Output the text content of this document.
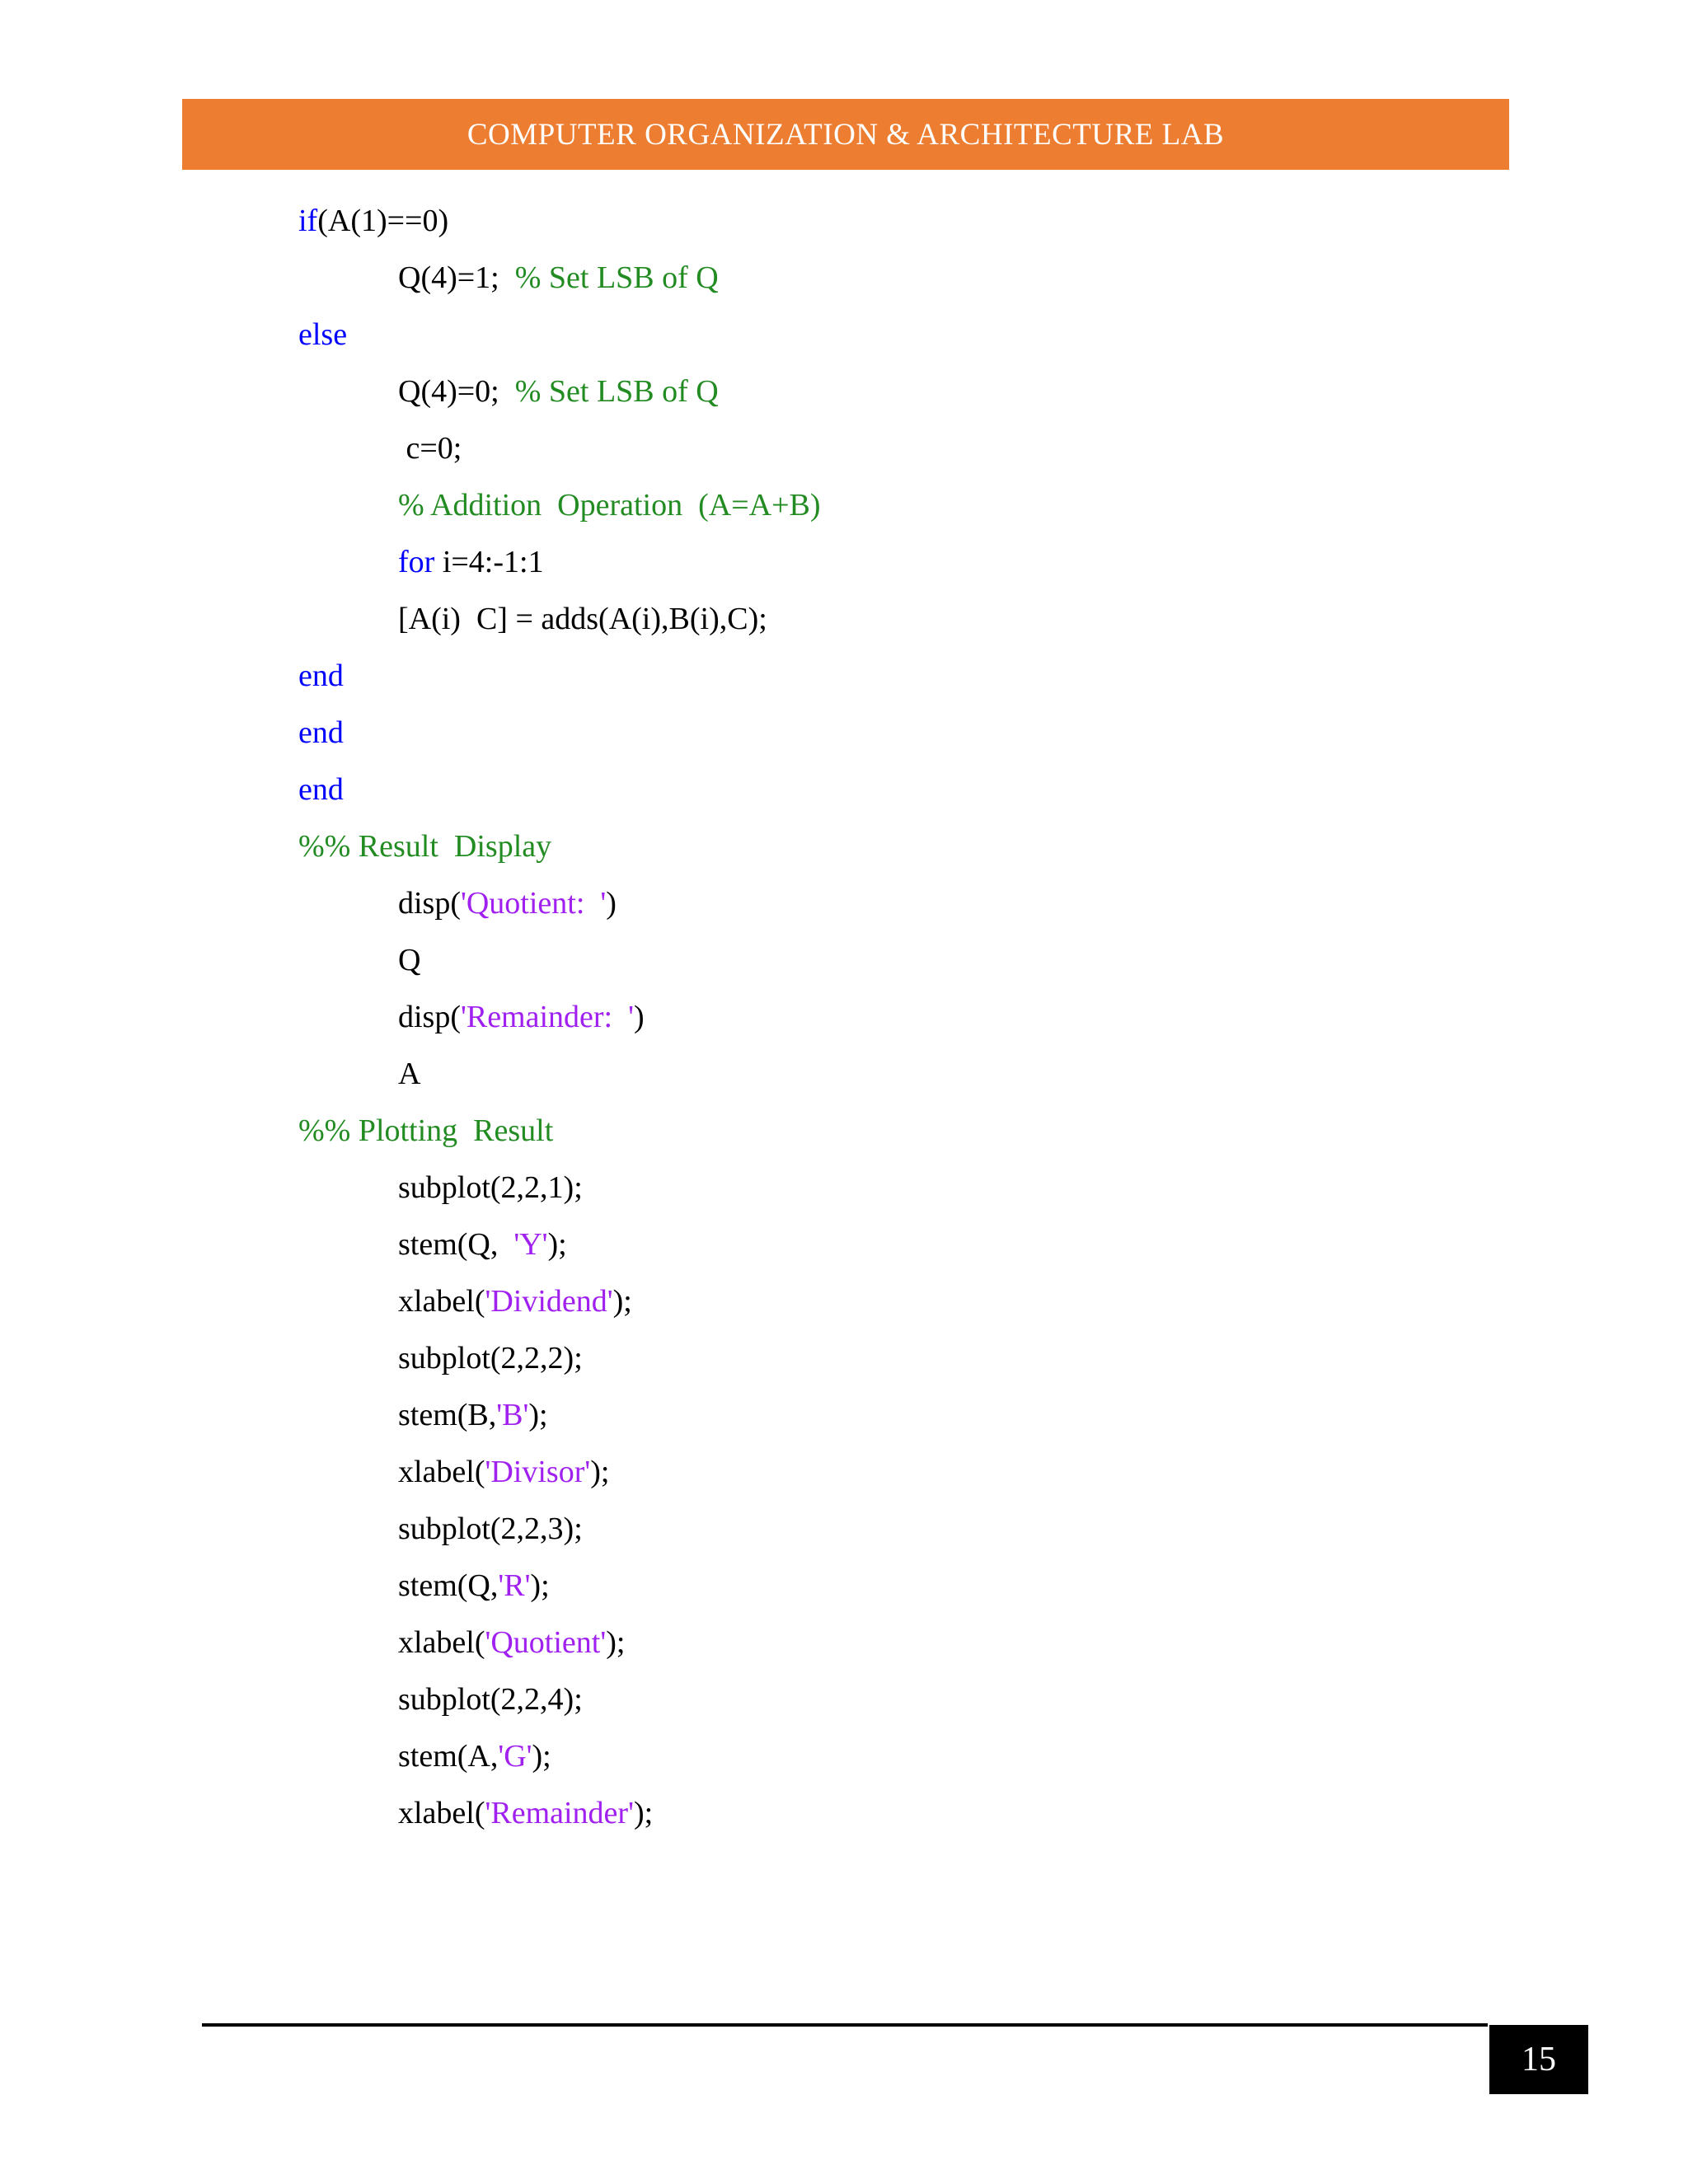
COMPUTER ORGANIZATION & ARCHITECTURE LAB
if(A(1)==0)
Q(4)=1;  % Set LSB of Q
else
Q(4)=0;  % Set LSB of Q
c=0;
% Addition  Operation  (A=A+B)
for i=4:-1:1
[A(i)  C] = adds(A(i),B(i),C);
end
end
end
%% Result  Display
disp('Quotient:  ')
Q
disp('Remainder:  ')
A
%% Plotting  Result
subplot(2,2,1);
stem(Q,  'Y');
xlabel('Dividend');
subplot(2,2,2);
stem(B,'B');
xlabel('Divisor');
subplot(2,2,3);
stem(Q,'R');
xlabel('Quotient');
subplot(2,2,4);
stem(A,'G');
xlabel('Remainder');
15
